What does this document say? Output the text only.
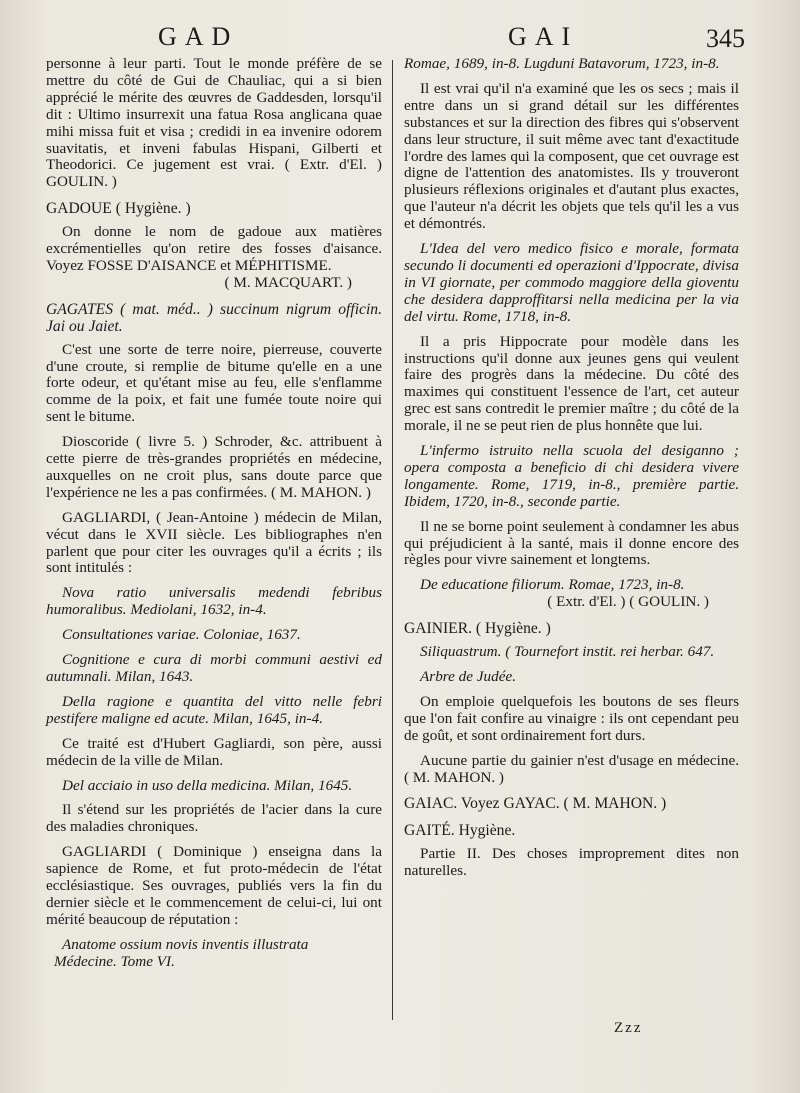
GAD	GAI	345

personne à leur parti. Tout le monde préfère de se mettre du côté de Gui de Chauliac, qui a si bien apprécié le mérite des œuvres de Gaddesden, lorsqu'il dit : Ultimo insurrexit una fatua Rosa anglicana quae mihi missa fuit et visa ; credidi in ea invenire odorem suavitatis, et inveni fabulas Hispani, Gilberti et Theodorici. Ce jugement est vrai. ( Extr. d'El. ) GOULIN. )

GADOUE ( Hygiène. )

On donne le nom de gadoue aux matières excrémentielles qu'on retire des fosses d'aisance. Voyez FOSSE D'AISANCE et MÉPHITISME.

( M. MACQUART. )

GAGATES ( mat. méd.. ) succinum nigrum officin. Jai ou Jaiet.

C'est une sorte de terre noire, pierreuse, couverte d'une croute, si remplie de bitume qu'elle en a une forte odeur, et qu'étant mise au feu, elle s'enflamme comme de la poix, et fait une fumée toute noire qui sent le bitume.

Dioscoride ( livre 5. ) Schroder, &c. attribuent à cette pierre de très-grandes propriétés en médecine, auxquelles on ne croit plus, sans doute parce que l'expérience ne les a pas confirmées. ( M. MAHON. )

GAGLIARDI, ( Jean-Antoine ) médecin de Milan, vécut dans le XVII siècle. Les bibliographes n'en parlent que pour citer les ouvrages qu'il a écrits ; ils sont intitulés :

Nova ratio universalis medendi febribus humoralibus. Mediolani, 1632, in-4.

Consultationes variae. Coloniae, 1637.

Cognitione e cura di morbi communi aestivi ed autumnali. Milan, 1643.

Della ragione e quantita del vitto nelle febri pestifere maligne ed acute. Milan, 1645, in-4.

Ce traité est d'Hubert Gagliardi, son père, aussi médecin de la ville de Milan.

Del acciaio in uso della medicina. Milan, 1645.

Il s'étend sur les propriétés de l'acier dans la cure des maladies chroniques.

GAGLIARDI ( Dominique ) enseigna dans la sapience de Rome, et fut proto-médecin de l'état ecclésiastique. Ses ouvrages, publiés vers la fin du dernier siècle et le commencement de celui-ci, lui ont mérité beaucoup de réputation :

Anatome ossium novis inventis illustrata

Médecine. Tome VI.

Romae, 1689, in-8. Lugduni Batavorum, 1723, in-8.

Il est vrai qu'il n'a examiné que les os secs ; mais il entre dans un si grand détail sur les différentes substances et sur la direction des fibres qui s'observent dans leur structure, il suit même avec tant d'exactitude l'ordre des lames qui la composent, que cet ouvrage est digne de l'attention des anatomistes. Ils y trouveront plusieurs réflexions originales et d'autant plus exactes, que l'auteur n'a décrit les objets que tels qu'il les a vus et démontrés.

L'Idea del vero medico fisico e morale, formata secundo li documenti ed operazioni d'Ippocrate, divisa in VI giornate, per commodo maggiore della gioventu che desidera dapproffitarsi nella medicina per la via del virtu. Rome, 1718, in-8.

Il a pris Hippocrate pour modèle dans les instructions qu'il donne aux jeunes gens qui veulent faire des progrès dans la médecine. Du côté des maximes qui constituent l'essence de l'art, cet auteur grec est sans contredit le premier maître ; du côté de la morale, il ne se peut rien de plus honnête que lui.

L'infermo istruito nella scuola del desiganno ; opera composta a beneficio di chi desidera vivere longamente. Rome, 1719, in-8., première partie. Ibidem, 1720, in-8., seconde partie.

Il ne se borne point seulement à condamner les abus qui préjudicient à la santé, mais il donne encore des règles pour vivre sainement et longtems.

De educatione filiorum. Romae, 1723, in-8.

( Extr. d'El. ) ( GOULIN. )

GAINIER. ( Hygiène. )

Siliquastrum. ( Tournefort instit. rei herbar. 647.

Arbre de Judée.

On emploie quelquefois les boutons de ses fleurs que l'on fait confire au vinaigre : ils ont cependant peu de goût, et sont ordinairement fort durs.

Aucune partie du gainier n'est d'usage en médecine. ( M. MAHON. )

GAIAC. Voyez GAYAC. ( M. MAHON. )

GAITÉ. Hygiène.

Partie II. Des choses improprement dites non naturelles.

Zzz
